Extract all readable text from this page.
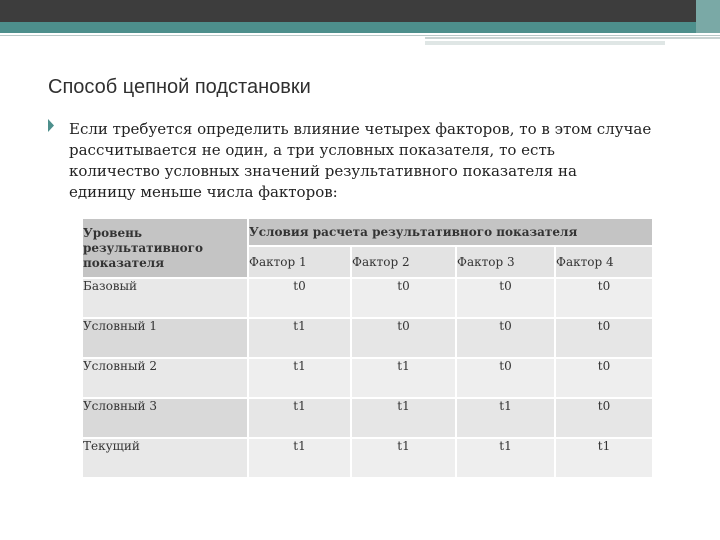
Способ цепной подстановки
Если требуется определить влияние четырех факторов, то в этом случае
рассчитывается не один, а три условных показателя, то есть
количество условных значений результативного показателя на
единицу меньше числа факторов:
Уровень результативного показателя	Условия расчета результативного показателя			
	Фактор 1	Фактор 2	Фактор 3	Фактор 4
Базовый	t0	t0	t0	t0
Условный 1	t1	t0	t0	t0
Условный 2	t1	t1	t0	t0
Условный 3	t1	t1	t1	t0
Текущий	t1	t1	t1	t1
